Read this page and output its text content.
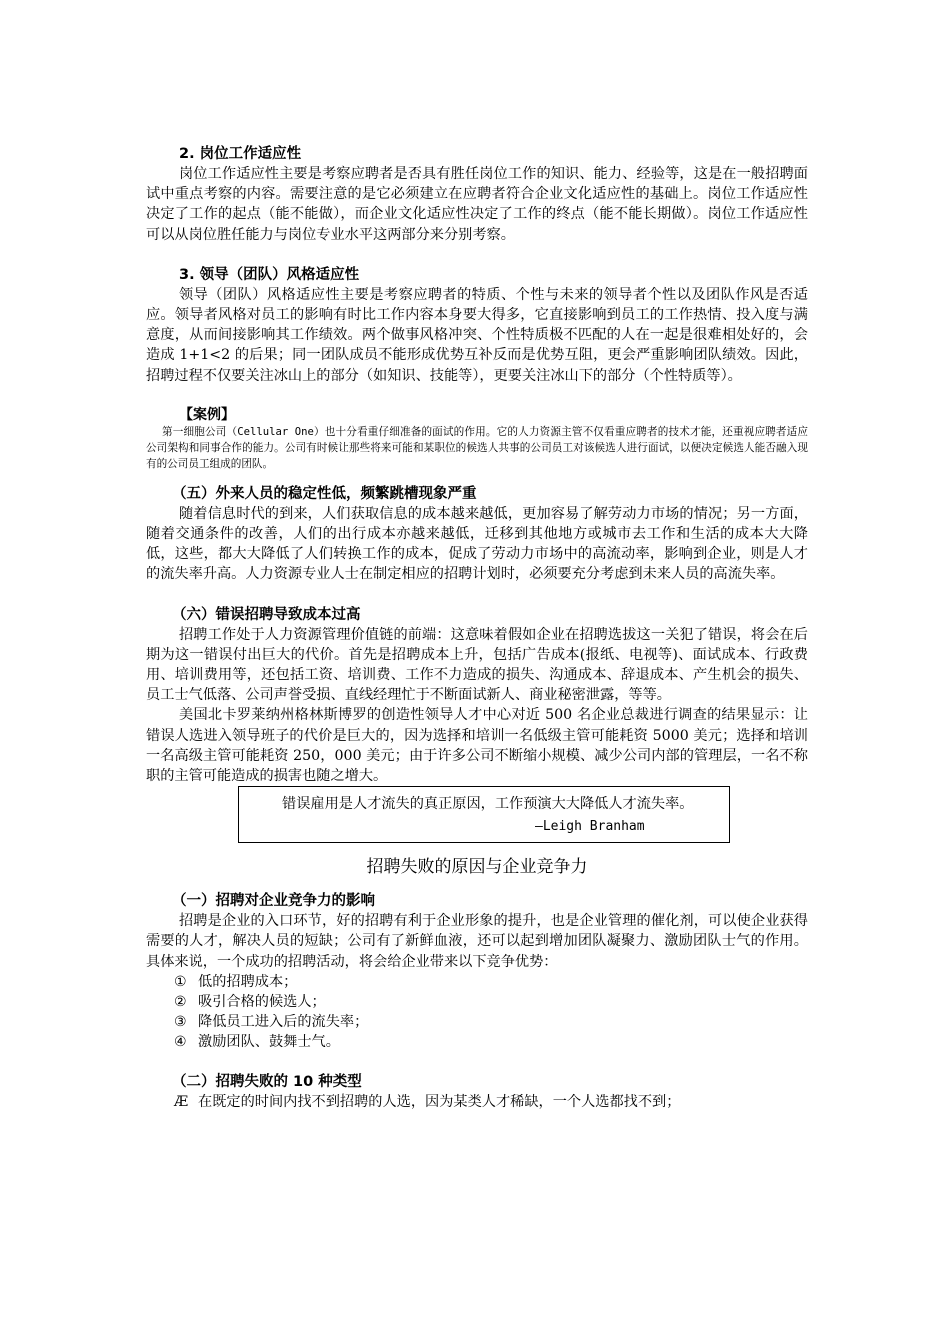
2. 岗位工作适应性

岗位工作适应性主要是考察应聘者是否具有胜任岗位工作的知识、能力、经验等，这是在一般招聘面试中重点考察的内容。需要注意的是它必须建立在应聘者符合企业文化适应性的基础上。岗位工作适应性决定了工作的起点（能不能做），而企业文化适应性决定了工作的终点（能不能长期做）。岗位工作适应性可以从岗位胜任能力与岗位专业水平这两部分来分别考察。

3. 领导（团队）风格适应性

领导（团队）风格适应性主要是考察应聘者的特质、个性与未来的领导者个性以及团队作风是否适应。领导者风格对员工的影响有时比工作内容本身要大得多，它直接影响到员工的工作热情、投入度与满意度，从而间接影响其工作绩效。两个做事风格冲突、个性特质极不匹配的人在一起是很难相处好的，会造成 1+1<2 的后果；同一团队成员不能形成优势互补反而是优势互阻，更会严重影响团队绩效。因此，招聘过程不仅要关注冰山上的部分（如知识、技能等），更要关注冰山下的部分（个性特质等）。

【案例】

第一细胞公司（Cellular One）也十分看重仔细准备的面试的作用。它的人力资源主管不仅看重应聘者的技术才能，还重视应聘者适应公司架构和同事合作的能力。公司有时候让那些将来可能和某职位的候选人共事的公司员工对该候选人进行面试，以便决定候选人能否融入现有的公司员工组成的团队。

（五）外来人员的稳定性低，频繁跳槽现象严重

随着信息时代的到来，人们获取信息的成本越来越低，更加容易了解劳动力市场的情况；另一方面，随着交通条件的改善，人们的出行成本亦越来越低，迁移到其他地方或城市去工作和生活的成本大大降低，这些，都大大降低了人们转换工作的成本，促成了劳动力市场中的高流动率，影响到企业，则是人才的流失率升高。人力资源专业人士在制定相应的招聘计划时，必须要充分考虑到未来人员的高流失率。

（六）错误招聘导致成本过高

招聘工作处于人力资源管理价值链的前端：这意味着假如企业在招聘选拔这一关犯了错误，将会在后期为这一错误付出巨大的代价。首先是招聘成本上升，包括广告成本(报纸、电视等)、面试成本、行政费用、培训费用等，还包括工资、培训费、工作不力造成的损失、沟通成本、辞退成本、产生机会的损失、员工士气低落、公司声誉受损、直线经理忙于不断面试新人、商业秘密泄露，等等。

美国北卡罗莱纳州格林斯博罗的创造性领导人才中心对近 500 名企业总裁进行调查的结果显示：让错误人选进入领导班子的代价是巨大的，因为选择和培训一名低级主管可能耗资 5000 美元；选择和培训一名高级主管可能耗资 250，000 美元；由于许多公司不断缩小规模、减少公司内部的管理层，一名不称职的主管可能造成的损害也随之增大。

错误雇用是人才流失的真正原因，工作预演大大降低人才流失率。

—Leigh Branham

招聘失败的原因与企业竞争力

（一）招聘对企业竞争力的影响

招聘是企业的入口环节，好的招聘有利于企业形象的提升，也是企业管理的催化剂，可以使企业获得需要的人才，解决人员的短缺；公司有了新鲜血液，还可以起到增加团队凝聚力、激励团队士气的作用。具体来说，一个成功的招聘活动，将会给企业带来以下竞争优势：

① 低的招聘成本；
② 吸引合格的候选人；
③ 降低员工进入后的流失率；
④ 激励团队、鼓舞士气。

（二）招聘失败的 10 种类型

Æ 在既定的时间内找不到招聘的人选，因为某类人才稀缺，一个人选都找不到；
